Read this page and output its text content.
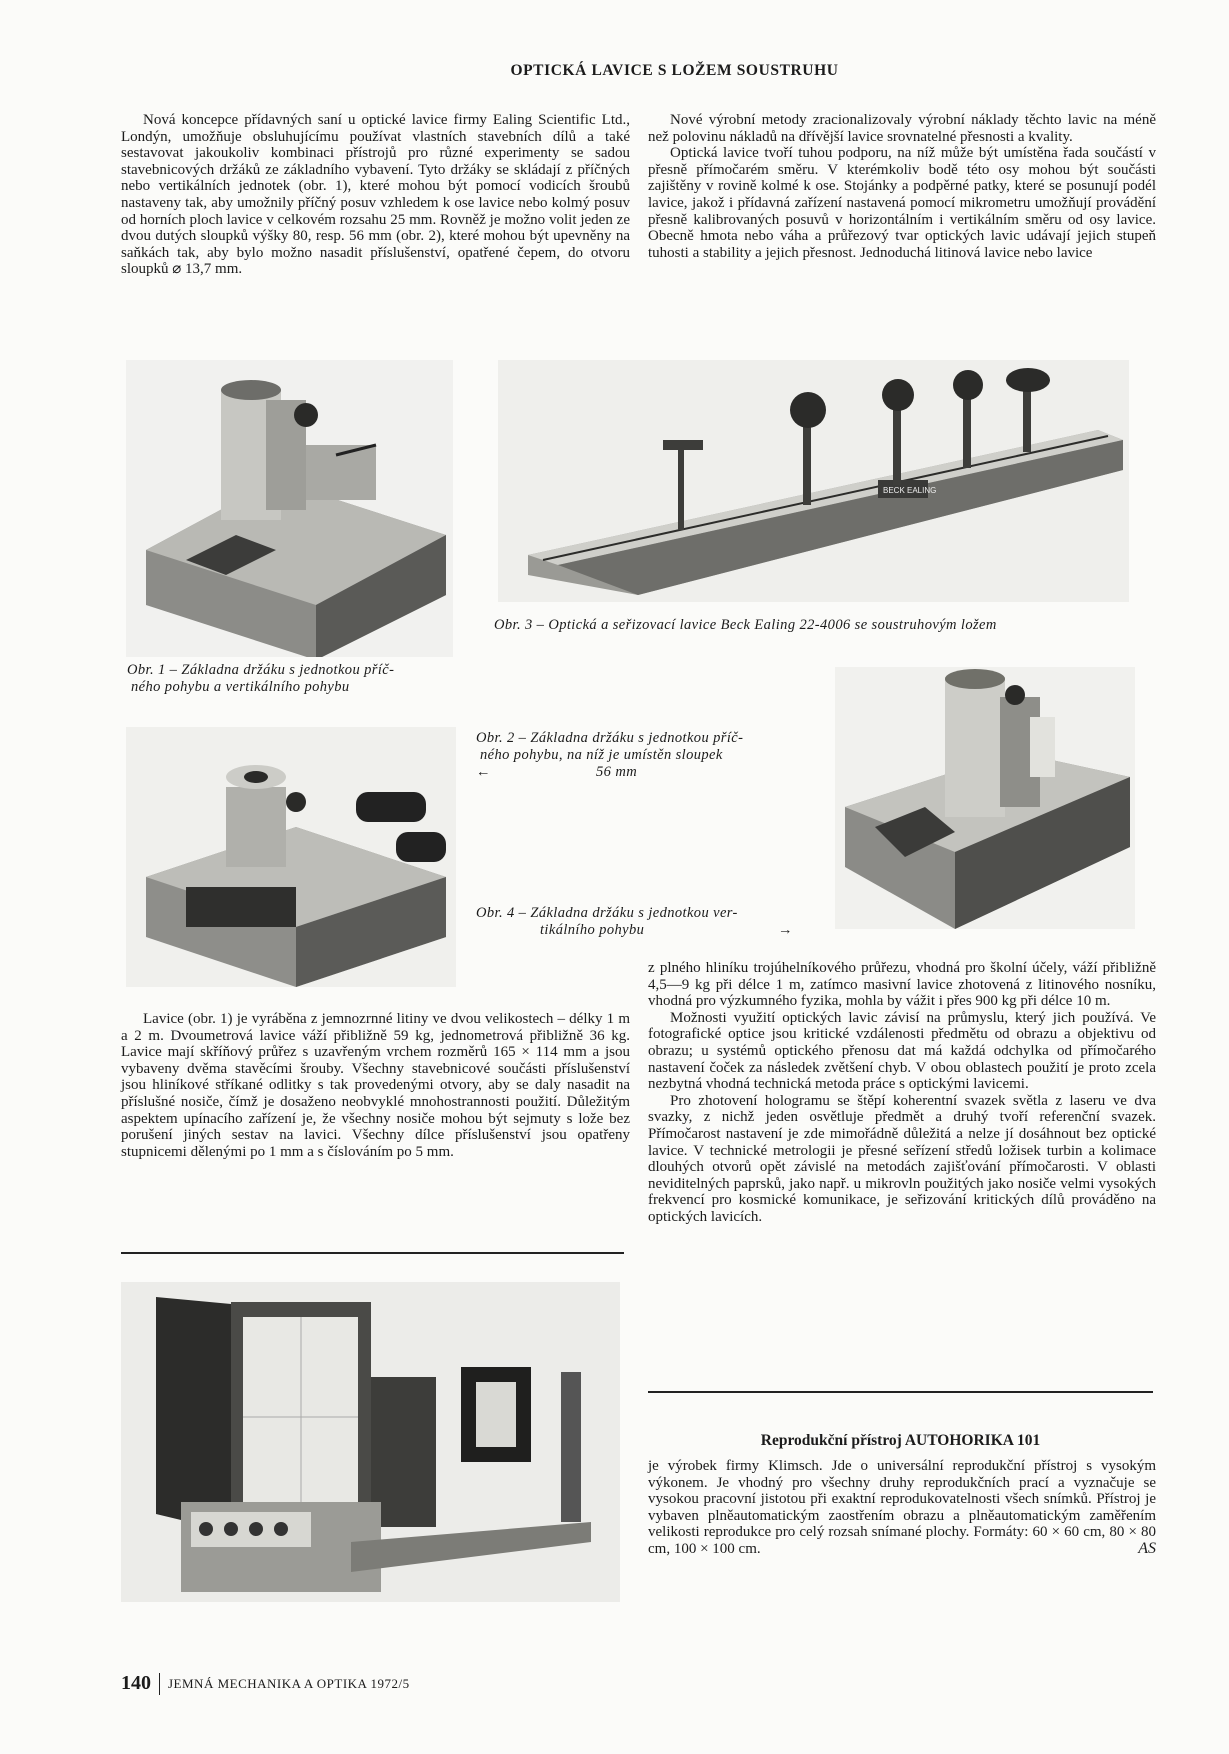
OPTICKÁ LAVICE S LOŽEM SOUSTRUHU

Nová koncepce přídavných saní u optické lavice firmy Ealing Scientific Ltd., Londýn, umožňuje obsluhujícímu používat vlastních stavebních dílů a také sestavovat jakoukoliv kombinaci přístrojů pro různé experimenty se sadou stavebnicových držáků ze základního vybavení. Tyto držáky se skládají z příčných nebo vertikálních jednotek (obr. 1), které mohou být pomocí vodicích šroubů nastaveny tak, aby umožnily příčný posuv vzhledem k ose lavice nebo kolmý posuv od horních ploch lavice v celkovém rozsahu 25 mm. Rovněž je možno volit jeden ze dvou dutých sloupků výšky 80, resp. 56 mm (obr. 2), které mohou být upevněny na saňkách tak, aby bylo možno nasadit příslušenství, opatřené čepem, do otvoru sloupků ⌀ 13,7 mm.

Nové výrobní metody zracionalizovaly výrobní náklady těchto lavic na méně než polovinu nákladů na dřívější lavice srovnatelné přesnosti a kvality.

Optická lavice tvoří tuhou podporu, na níž může být umístěna řada součástí v přesně přímočarém směru. V kterémkoliv bodě této osy mohou být součásti zajištěny v rovině kolmé k ose. Stojánky a podpěrné patky, které se posunují podél lavice, jakož i přídavná zařízení nastavená pomocí mikrometru umožňují provádění přesně kalibrovaných posuvů v horizontálním i vertikálním směru od osy lavice. Obecně hmota nebo váha a průřezový tvar optických lavic udávají jejich stupeň tuhosti a stability a jejich přesnost. Jednoduchá litinová lavice nebo lavice

BECK EALING
Obr. 3 – Optická a seřizovací lavice Beck Ealing 22-4006 se soustruhovým ložem
Obr. 1 – Základna držáku s jednotkou příč-
ného pohybu a vertikálního pohybu
Obr. 2 – Základna držáku s jednotkou příč-
ného pohybu, na níž je umístěn sloupek
←	56 mm
Obr. 4 – Základna držáku s jednotkou ver-
tikálního pohybu	→

Lavice (obr. 1) je vyráběna z jemnozrnné litiny ve dvou velikostech – délky 1 m a 2 m. Dvoumetrová lavice váží přibližně 59 kg, jednometrová přibližně 36 kg. Lavice mají skříňový průřez s uzavřeným vrchem rozměrů 165 × 114 mm a jsou vybaveny dvěma stavěcími šrouby. Všechny stavebnicové součásti příslušenství jsou hliníkové stříkané odlitky s tak provedenými otvory, aby se daly nasadit na příslušné nosiče, čímž je dosaženo neobvyklé mnohostrannosti použití. Důležitým aspektem upínacího zařízení je, že všechny nosiče mohou být sejmuty s lože bez porušení jiných sestav na lavici. Všechny dílce příslušenství jsou opatřeny stupnicemi dělenými po 1 mm a s číslováním po 5 mm.

z plného hliníku trojúhelníkového průřezu, vhodná pro školní účely, váží přibližně 4,5—9 kg při délce 1 m, zatímco masivní lavice zhotovená z litinového nosníku, vhodná pro výzkumného fyzika, mohla by vážit i přes 900 kg při délce 10 m.

Možnosti využití optických lavic závisí na průmyslu, který jich používá. Ve fotografické optice jsou kritické vzdálenosti předmětu od obrazu a objektivu od obrazu; u systémů optického přenosu dat má každá odchylka od přímočarého nastavení čoček za následek zvětšení chyb. V obou oblastech použití je proto zcela nezbytná vhodná technická metoda práce s optickými lavicemi.

Pro zhotovení hologramu se štěpí koherentní svazek světla z laseru ve dva svazky, z nichž jeden osvětluje předmět a druhý tvoří referenční svazek. Přímočarost nastavení je zde mimořádně důležitá a nelze jí dosáhnout bez optické lavice. V technické metrologii je přesné seřízení středů ložisek turbin a kolimace dlouhých otvorů opět závislé na metodách zajišťování přímočarosti. V oblasti neviditelných paprsků, jako např. u mikrovln použitých jako nosiče velmi vysokých frekvencí pro kosmické komunikace, je seřizování kritických dílů prováděno na optických lavicích.

Reprodukční přístroj AUTOHORIKA 101

je výrobek firmy Klimsch. Jde o universální reprodukční přístroj s vysokým výkonem. Je vhodný pro všechny druhy reprodukčních prací a vyznačuje se vysokou pracovní jistotou při exaktní reprodukovatelnosti všech snímků. Přístroj je vybaven plněautomatickým zaostřením obrazu a plněautomatickým zaměřením velikosti reprodukce pro celý rozsah snímané plochy. Formáty: 60 × 60 cm, 80 × 80 cm, 100 × 100 cm.	AS
140 JEMNÁ MECHANIKA A OPTIKA 1972/5
